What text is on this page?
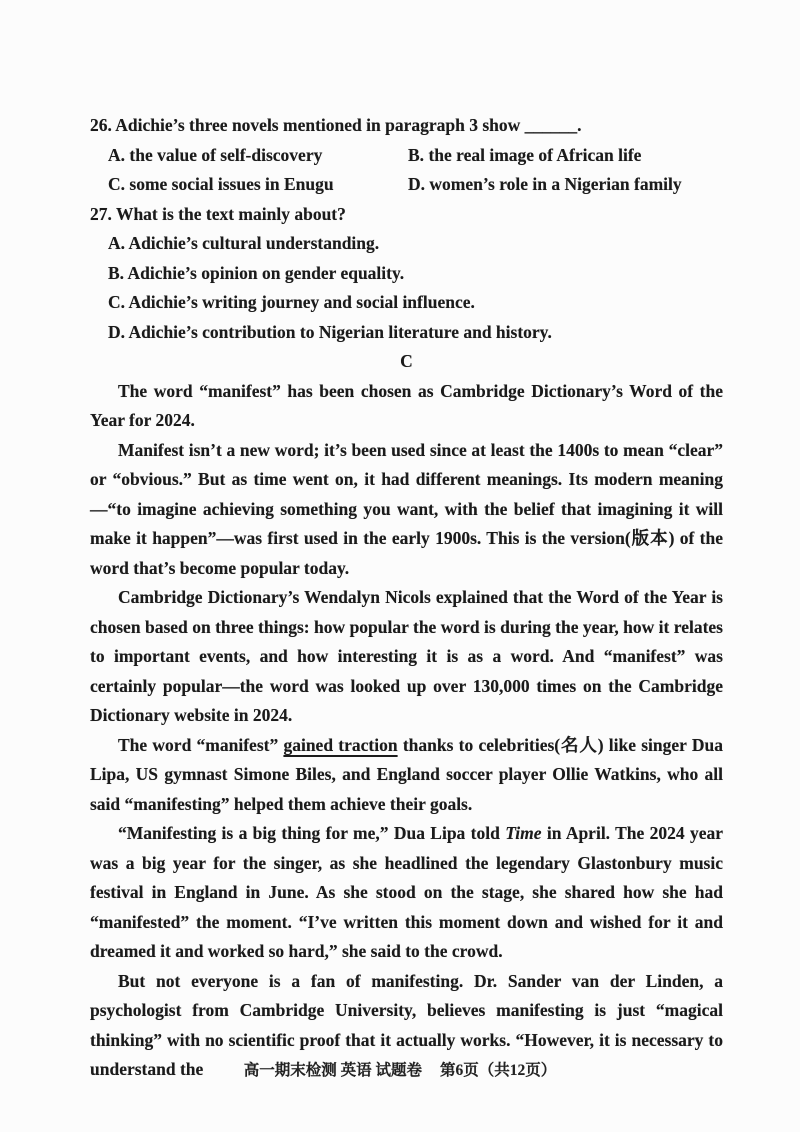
26. Adichie’s three novels mentioned in paragraph 3 show ______.
A. the value of self-discovery	B. the real image of African life
C. some social issues in Enugu	D. women’s role in a Nigerian family
27. What is the text mainly about?
A. Adichie’s cultural understanding.
B. Adichie’s opinion on gender equality.
C. Adichie’s writing journey and social influence.
D. Adichie’s contribution to Nigerian literature and history.
C

The word “manifest” has been chosen as Cambridge Dictionary’s Word of the Year for 2024.

Manifest isn’t a new word; it’s been used since at least the 1400s to mean “clear” or “obvious.” But as time went on, it had different meanings. Its modern meaning—“to imagine achieving something you want, with the belief that imagining it will make it happen”—was first used in the early 1900s. This is the version(版本) of the word that’s become popular today.

Cambridge Dictionary’s Wendalyn Nicols explained that the Word of the Year is chosen based on three things: how popular the word is during the year, how it relates to important events, and how interesting it is as a word. And “manifest” was certainly popular—the word was looked up over 130,000 times on the Cambridge Dictionary website in 2024.

The word “manifest” gained traction thanks to celebrities(名人) like singer Dua Lipa, US gymnast Simone Biles, and England soccer player Ollie Watkins, who all said “manifesting” helped them achieve their goals.

“Manifesting is a big thing for me,” Dua Lipa told Time in April. The 2024 year was a big year for the singer, as she headlined the legendary Glastonbury music festival in England in June. As she stood on the stage, she shared how she had “manifested” the moment. “I’ve written this moment down and wished for it and dreamed it and worked so hard,” she said to the crowd.

But not everyone is a fan of manifesting. Dr. Sander van der Linden, a psychologist from Cambridge University, believes manifesting is just “magical thinking” with no scientific proof that it actually works. “However, it is necessary to understand the	高一期末检测 英语 试题卷 第6页（共12页）
